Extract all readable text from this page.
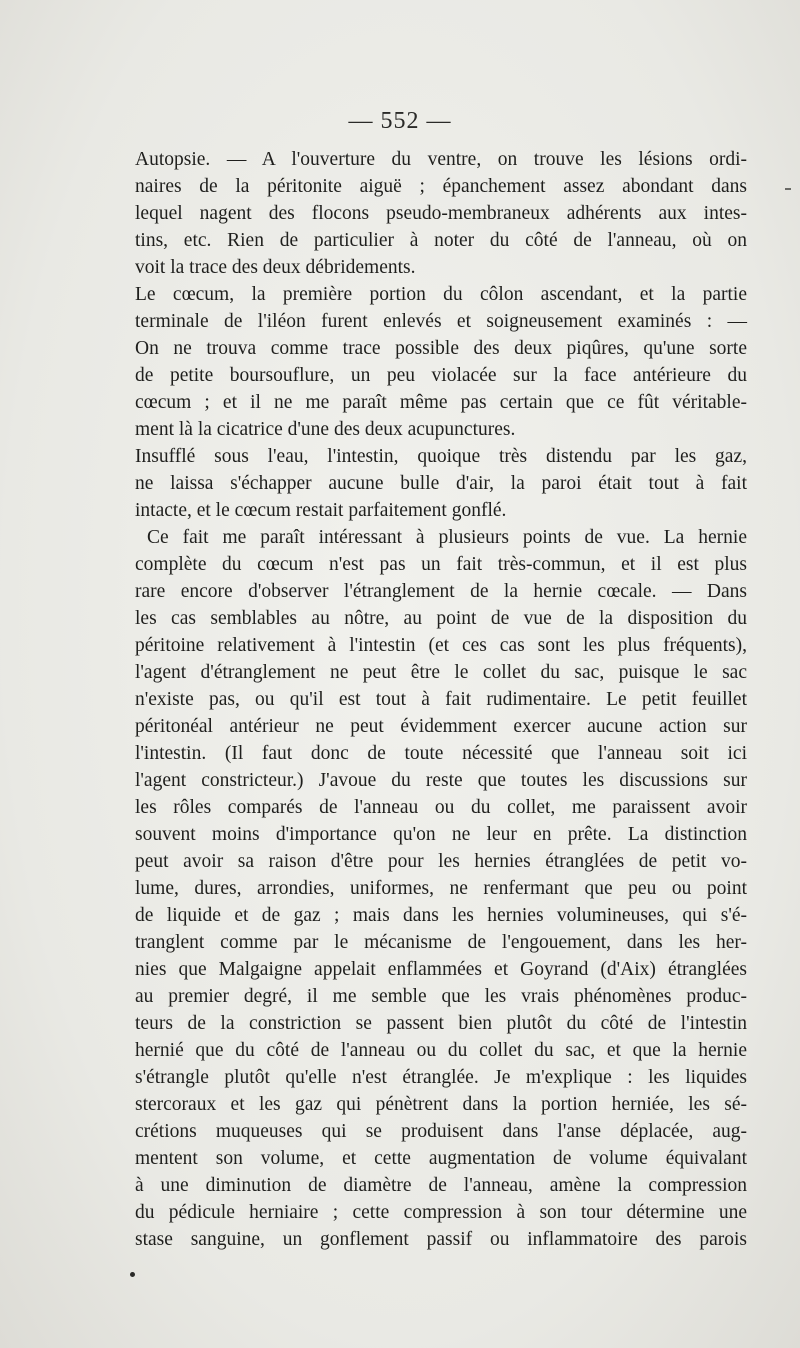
— 552 —
Autopsie. — A l'ouverture du ventre, on trouve les lésions ordi-
naires de la péritonite aiguë ; épanchement assez abondant dans
lequel nagent des flocons pseudo-membraneux adhérents aux intes-
tins, etc. Rien de particulier à noter du côté de l'anneau, où on
voit la trace des deux débridements.
Le cœcum, la première portion du côlon ascendant, et la partie
terminale de l'iléon furent enlevés et soigneusement examinés : —
On ne trouva comme trace possible des deux piqûres, qu'une sorte
de petite boursouflure, un peu violacée sur la face antérieure du
cœcum ; et il ne me paraît même pas certain que ce fût véritable-
ment là la cicatrice d'une des deux acupunctures.
Insufflé sous l'eau, l'intestin, quoique très distendu par les gaz,
ne laissa s'échapper aucune bulle d'air, la paroi était tout à fait
intacte, et le cœcum restait parfaitement gonflé.
Ce fait me paraît intéressant à plusieurs points de vue. La hernie
complète du cœcum n'est pas un fait très-commun, et il est plus
rare encore d'observer l'étranglement de la hernie cœcale. — Dans
les cas semblables au nôtre, au point de vue de la disposition du
péritoine relativement à l'intestin (et ces cas sont les plus fréquents),
l'agent d'étranglement ne peut être le collet du sac, puisque le sac
n'existe pas, ou qu'il est tout à fait rudimentaire. Le petit feuillet
péritonéal antérieur ne peut évidemment exercer aucune action sur
l'intestin. (Il faut donc de toute nécessité que l'anneau soit ici
l'agent constricteur.) J'avoue du reste que toutes les discussions sur
les rôles comparés de l'anneau ou du collet, me paraissent avoir
souvent moins d'importance qu'on ne leur en prête. La distinction
peut avoir sa raison d'être pour les hernies étranglées de petit vo-
lume, dures, arrondies, uniformes, ne renfermant que peu ou point
de liquide et de gaz ; mais dans les hernies volumineuses, qui s'é-
tranglent comme par le mécanisme de l'engouement, dans les her-
nies que Malgaigne appelait enflammées et Goyrand (d'Aix) étranglées
au premier degré, il me semble que les vrais phénomènes produc-
teurs de la constriction se passent bien plutôt du côté de l'intestin
hernié que du côté de l'anneau ou du collet du sac, et que la hernie
s'étrangle plutôt qu'elle n'est étranglée. Je m'explique : les liquides
stercoraux et les gaz qui pénètrent dans la portion herniée, les sé-
crétions muqueuses qui se produisent dans l'anse déplacée, aug-
mentent son volume, et cette augmentation de volume équivalant
à une diminution de diamètre de l'anneau, amène la compression
du pédicule herniaire ; cette compression à son tour détermine une
stase sanguine, un gonflement passif ou inflammatoire des parois
